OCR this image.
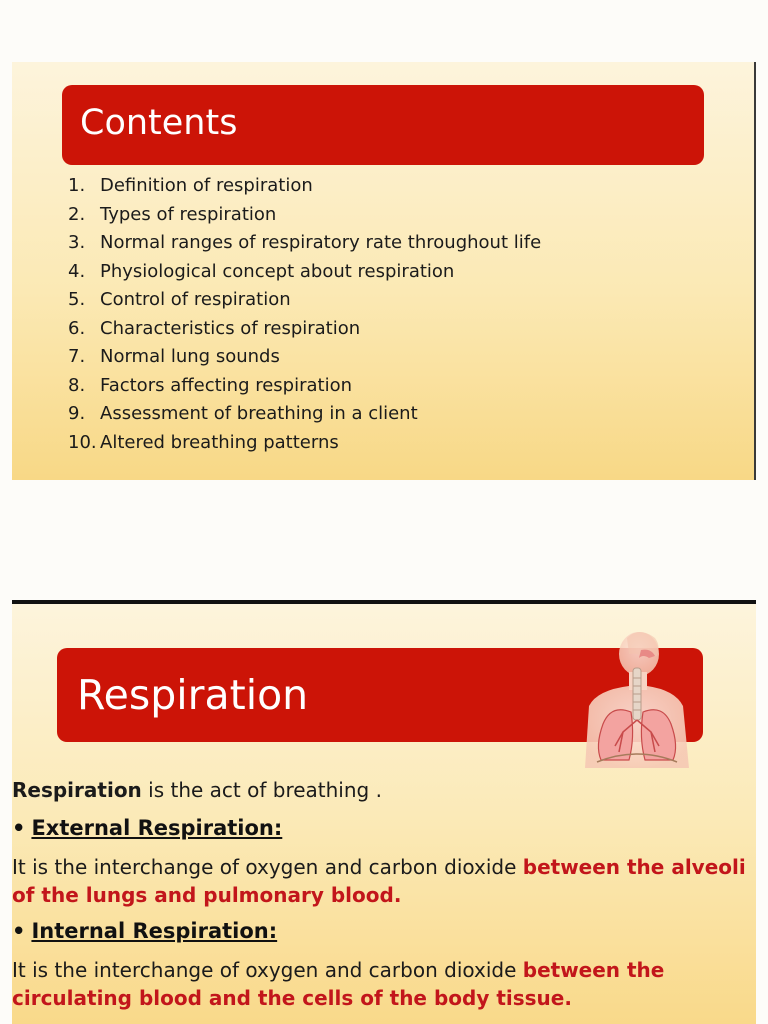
Contents
1. Definition of respiration
2. Types of respiration
3. Normal ranges of respiratory rate throughout life
4. Physiological concept about respiration
5. Control of respiration
6. Characteristics of respiration
7. Normal lung sounds
8. Factors affecting respiration
9. Assessment of breathing in a client
10. Altered breathing patterns
Respiration
Respiration is the act of breathing .
• External Respiration:
It is the interchange of oxygen and carbon dioxide between the alveoli
of the lungs and pulmonary blood.
• Internal Respiration:
It is the interchange of oxygen and carbon dioxide between the
circulating blood and the cells of the body tissue.
